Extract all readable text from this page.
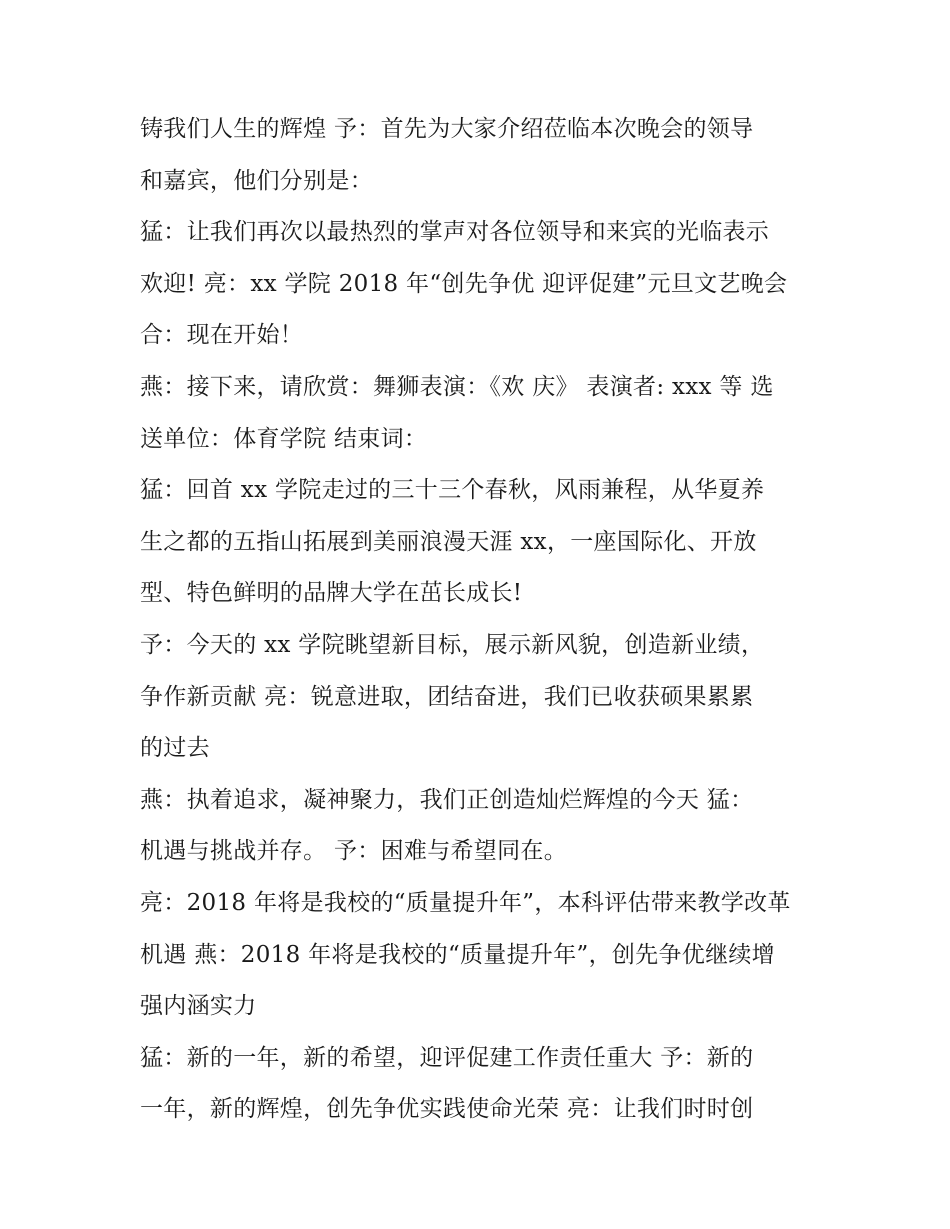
铸我们人生的辉煌 予：首先为大家介绍莅临本次晚会的领导
和嘉宾，他们分别是：
猛：让我们再次以最热烈的掌声对各位领导和来宾的光临表示
欢迎! 亮：xx 学院 2018 年“创先争优 迎评促建”元旦文艺晚会
合：现在开始！
燕：接下来，请欣赏：舞狮表演：《欢 庆》 表演者: xxx 等 选
送单位：体育学院 结束词：
猛：回首 xx 学院走过的三十三个春秋，风雨兼程，从华夏养
生之都的五指山拓展到美丽浪漫天涯 xx，一座国际化、开放
型、特色鲜明的品牌大学在茁长成长!
予：今天的 xx 学院眺望新目标，展示新风貌，创造新业绩，
争作新贡献 亮：锐意进取，团结奋进，我们已收获硕果累累
的过去
燕：执着追求，凝神聚力，我们正创造灿烂辉煌的今天 猛：
机遇与挑战并存。 予：困难与希望同在。
亮：2018 年将是我校的“质量提升年”，本科评估带来教学改革
机遇 燕：2018 年将是我校的“质量提升年”，创先争优继续增
强内涵实力
猛：新的一年，新的希望，迎评促建工作责任重大 予：新的
一年，新的辉煌，创先争优实践使命光荣 亮：让我们时时创
